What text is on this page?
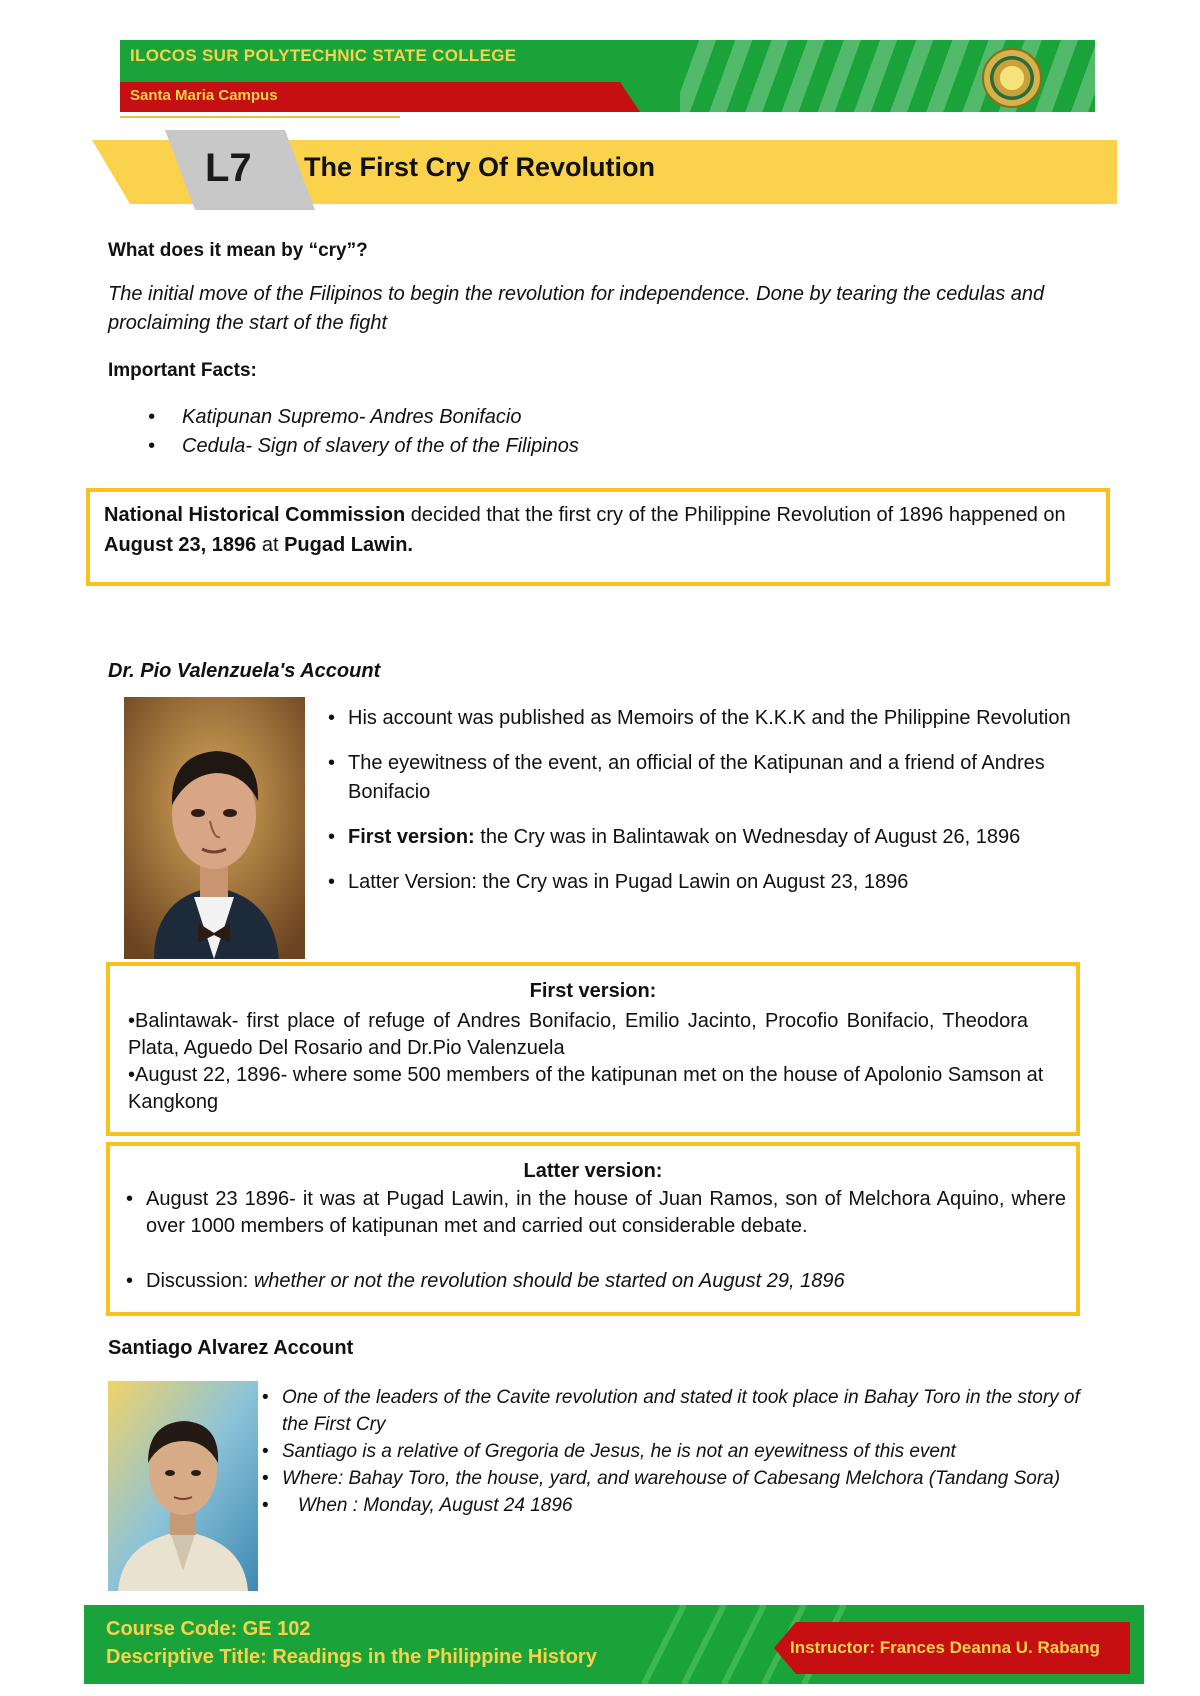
ILOCOS SUR POLYTECHNIC STATE COLLEGE
Santa Maria Campus
L7 The First Cry Of Revolution
What does it mean by “cry”?
The initial move of the Filipinos to begin the revolution for independence. Done by tearing the cedulas and proclaiming the start of the fight
Important Facts:
• Katipunan Supremo- Andres Bonifacio
• Cedula- Sign of slavery of the of the Filipinos
National Historical Commission decided that the first cry of the Philippine Revolution of 1896 happened on August 23, 1896 at Pugad Lawin.
Dr. Pio Valenzuela's Account
• His account was published as Memoirs of the K.K.K and the Philippine Revolution
• The eyewitness of the event, an official of the Katipunan and a friend of Andres Bonifacio
• First version: the Cry was in Balintawak on Wednesday of August 26, 1896
• Latter Version: the Cry was in Pugad Lawin on August 23, 1896
First version:
•Balintawak- first place of refuge of Andres Bonifacio, Emilio Jacinto, Procofio Bonifacio, Theodora Plata, Aguedo Del Rosario and Dr.Pio Valenzuela
•August 22, 1896- where some 500 members of the katipunan met on the house of Apolonio Samson at Kangkong
Latter version:
• August 23 1896- it was at Pugad Lawin, in the house of Juan Ramos, son of Melchora Aquino, where over 1000 members of katipunan met and carried out considerable debate.
• Discussion: whether or not the revolution should be started on August 29, 1896
Santiago Alvarez Account
• One of the leaders of the Cavite revolution and stated it took place in Bahay Toro in the story of the First Cry
• Santiago is a relative of Gregoria de Jesus, he is not an eyewitness of this event
• Where: Bahay Toro, the house, yard, and warehouse of Cabesang Melchora (Tandang Sora)
•    When : Monday, August 24 1896
Course Code: GE 102
Descriptive Title: Readings in the Philippine History	Instructor: Frances Deanna U. Rabang
